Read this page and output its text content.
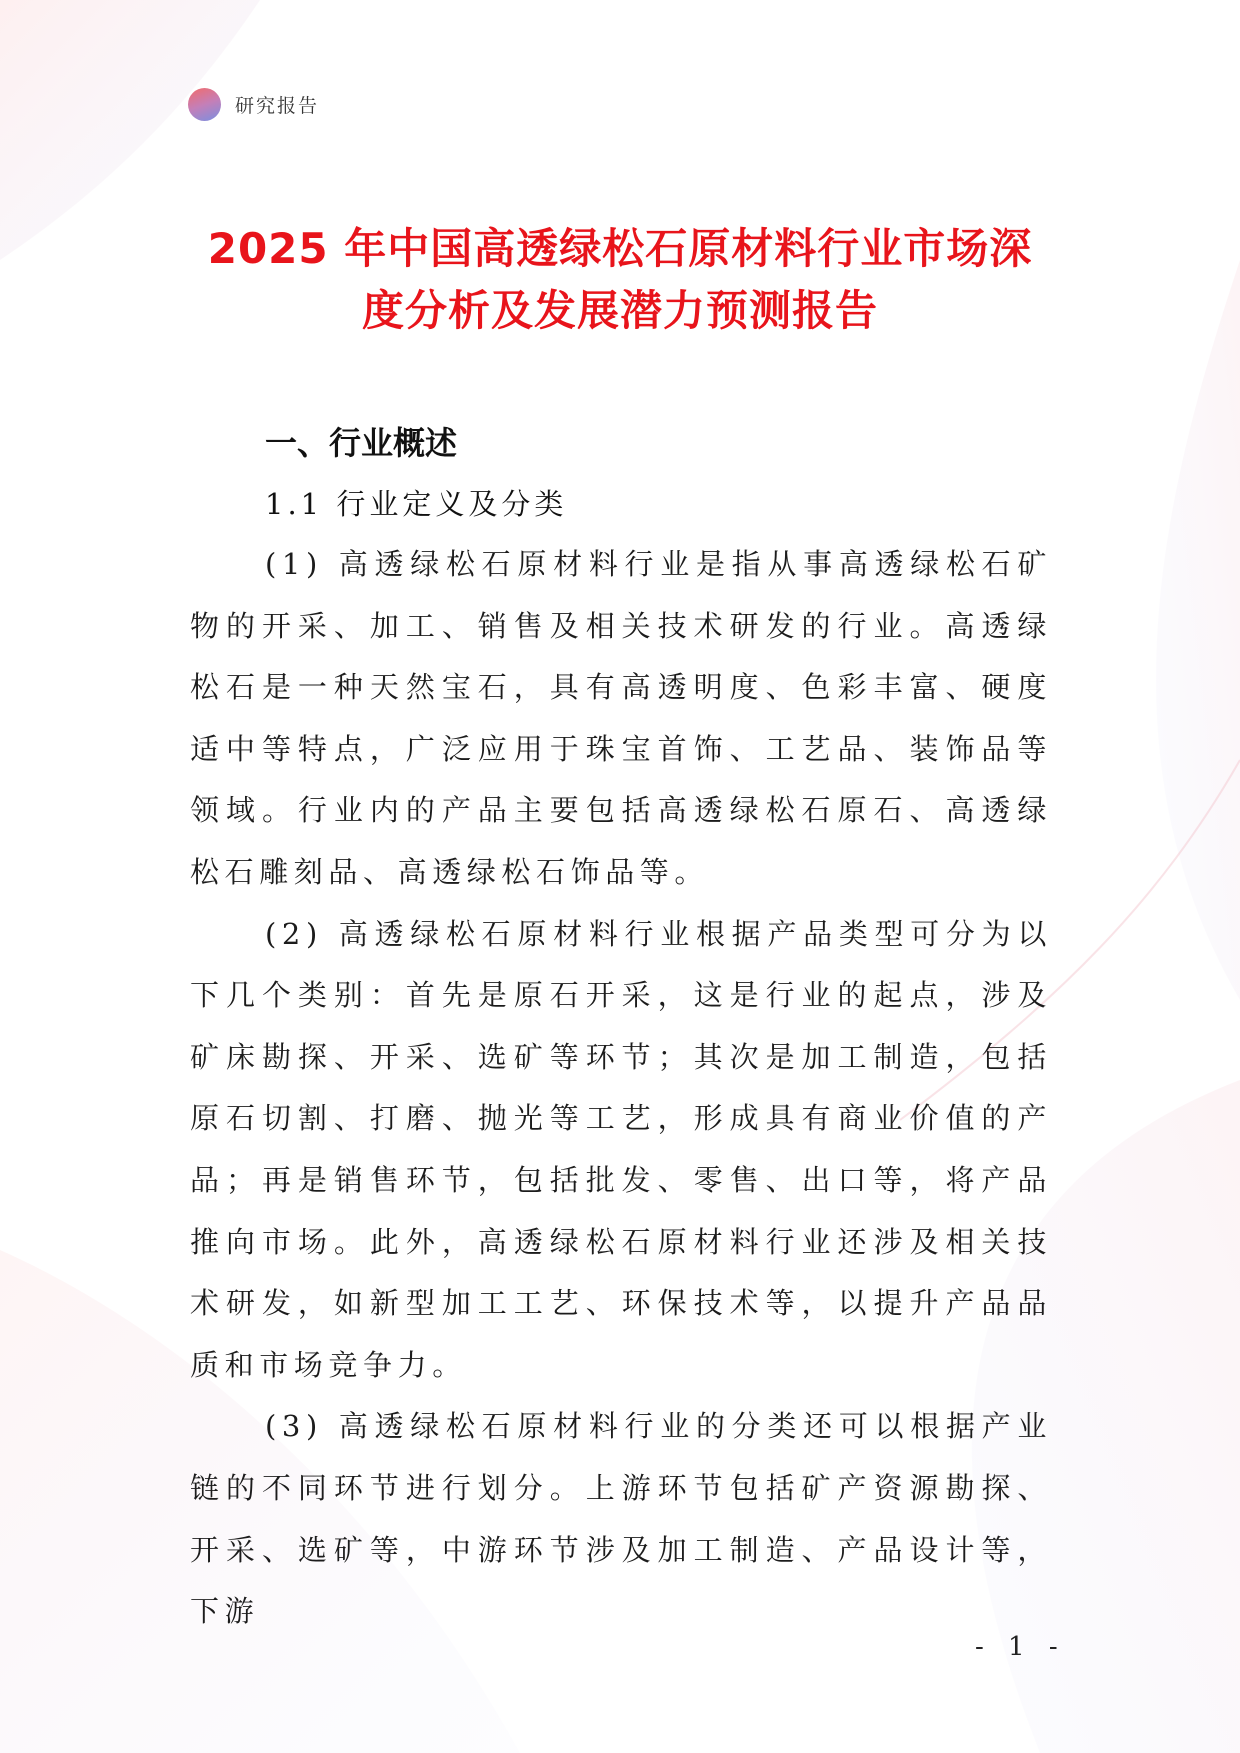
研究报告
2025 年中国高透绿松石原材料行业市场深
度分析及发展潜力预测报告
一、行业概述
1.1 行业定义及分类

(1) 高透绿松石原材料行业是指从事高透绿松石矿物的开采、加工、销售及相关技术研发的行业。高透绿松石是一种天然宝石，具有高透明度、色彩丰富、硬度适中等特点，广泛应用于珠宝首饰、工艺品、装饰品等领域。行业内的产品主要包括高透绿松石原石、高透绿松石雕刻品、高透绿松石饰品等。

(2) 高透绿松石原材料行业根据产品类型可分为以下几个类别：首先是原石开采，这是行业的起点，涉及矿床勘探、开采、选矿等环节；其次是加工制造，包括原石切割、打磨、抛光等工艺，形成具有商业价值的产品；再是销售环节，包括批发、零售、出口等，将产品推向市场。此外，高透绿松石原材料行业还涉及相关技术研发，如新型加工工艺、环保技术等，以提升产品品质和市场竞争力。

(3) 高透绿松石原材料行业的分类还可以根据产业链的不同环节进行划分。上游环节包括矿产资源勘探、开采、选矿等，中游环节涉及加工制造、产品设计等，下游

- 1 -
